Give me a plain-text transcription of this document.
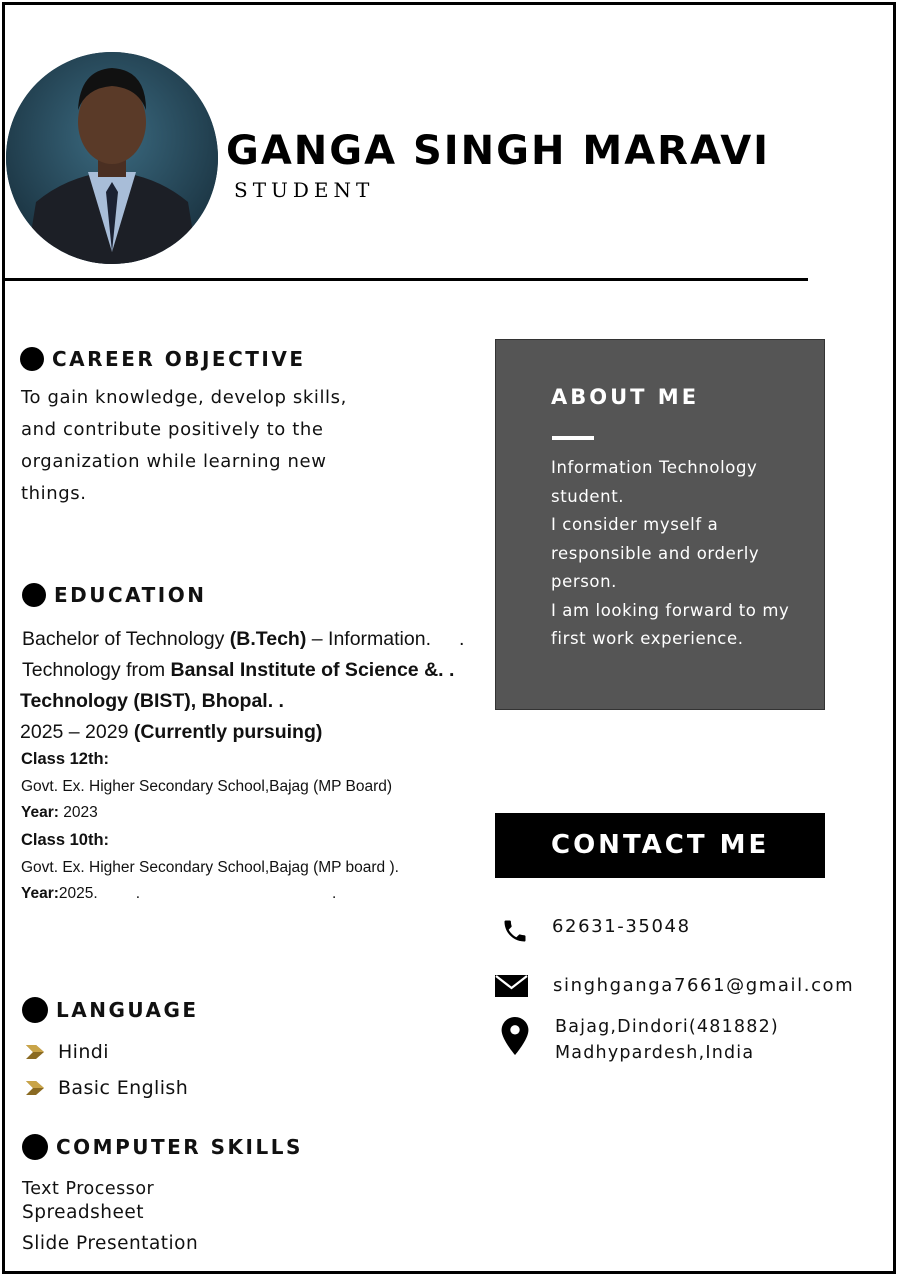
GANGA SINGH MARAVI
STUDENT
CAREER OBJECTIVE
To gain knowledge, develop skills,
and contribute positively to the
organization while learning new
things.
EDUCATION
Bachelor of Technology (B.Tech) – Information. .
Technology from Bansal Institute of Science &. .
Technology (BIST), Bhopal. .
2025 – 2029 (Currently pursuing)
Class 12th:
Govt. Ex. Higher Secondary School,Bajag (MP Board)
Year: 2023
Class 10th:
Govt. Ex. Higher Secondary School,Bajag (MP board ).
Year:2025. .	.
LANGUAGE
Hindi
Basic English
COMPUTER SKILLS
Text Processor
Spreadsheet
Slide Presentation
ABOUT ME
Information Technology
student.
I consider myself a
responsible and orderly
person.
I am looking forward to my
first work experience.
CONTACT ME
62631-35048
singhganga7661@gmail.com
Bajag,Dindori(481882)
Madhypardesh,India
